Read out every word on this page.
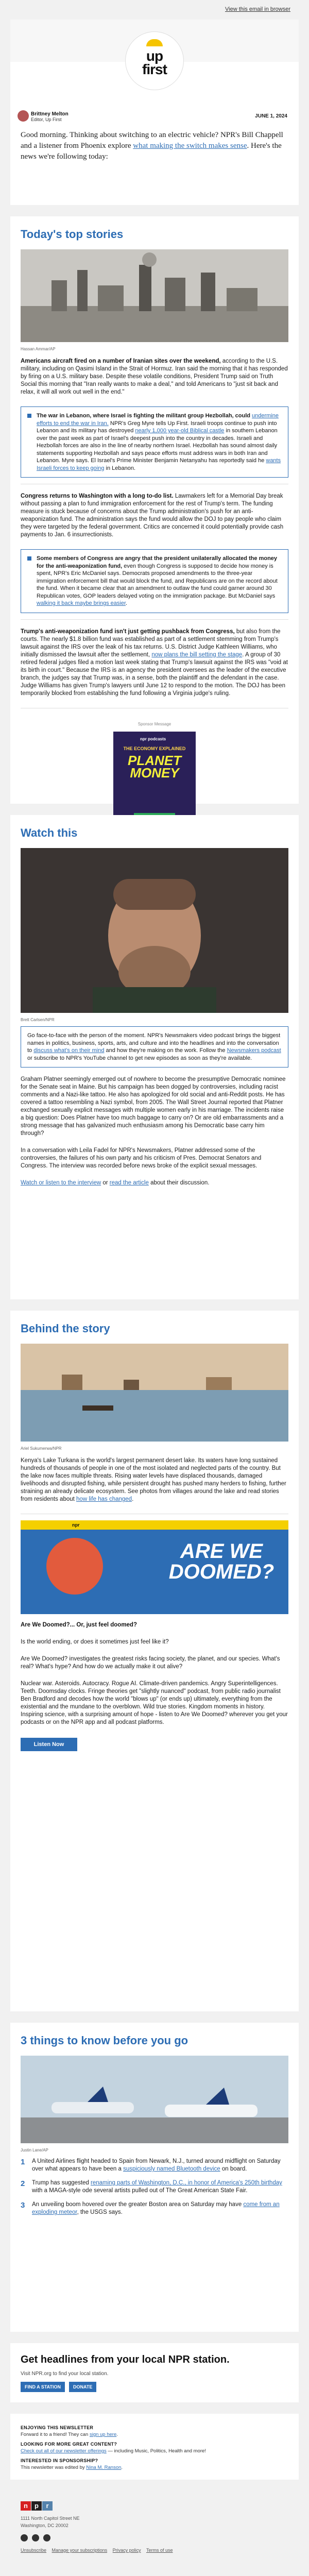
View this email in browser
up
first
Brittney Melton
Editor, Up First
JUNE 1, 2024

Good morning. Thinking about switching to an electric vehicle? NPR's Bill Chappell and a listener from Phoenix explore what making the switch makes sense. Here's the news we're following today:

Today's top stories
Hassan Ammar/AP

Americans aircraft fired on a number of Iranian sites over the weekend, according to the U.S. military, including on Qasimi Island in the Strait of Hormuz. Iran said the morning that it has responded by firing on a U.S. military base. Despite these volatile conditions, President Trump said on Truth Social this morning that "Iran really wants to make a deal," and told Americans to "just sit back and relax, it will all work out well in the end."

The war in Lebanon, where Israel is fighting the militant group Hezbollah, could undermine efforts to end the war in Iran. NPR's Greg Myre tells Up First. Israeli troops continue to push into Lebanon and its military has destroyed nearly 1,000 year-old Biblical castle in southern Lebanon over the past week as part of Israel's deepest push into the country in decades. Israeli and Hezbollah forces are also in the line of nearby northern Israel. Hezbollah has sound almost daily statements supporting Hezbollah and says peace efforts must address wars in both Iran and Lebanon. Myre says. El Israel's Prime Minister Benjamin Netanyahu has reportedly said he wants Israeli forces to keep going in Lebanon.

Congress returns to Washington with a long to-do list. Lawmakers left for a Memorial Day break without passing a plan to fund immigration enforcement for the rest of Trump's term. The funding measure is stuck because of concerns about the Trump administration's push for an anti-weaponization fund. The administration says the fund would allow the DOJ to pay people who claim they were targeted by the federal government. Critics are concerned it could potentially provide cash payments to Jan. 6 insurrectionists.

Some members of Congress are angry that the president unilaterally allocated the money for the anti-weaponization fund, even though Congress is supposed to decide how money is spent, NPR's Eric McDaniel says. Democrats proposed amendments to the three-year immigration enforcement bill that would block the fund, and Republicans are on the record about the fund. When it became clear that an amendment to outlaw the fund could garner around 30 Republican votes, GOP leaders delayed voting on the immigration package. But McDaniel says walking it back maybe brings easier.

Trump's anti-weaponization fund isn't just getting pushback from Congress, but also from the courts. The nearly $1.8 billion fund was established as part of a settlement stemming from Trump's lawsuit against the IRS over the leak of his tax returns. U.S. District Judge Kathleen Williams, who initially dismissed the lawsuit after the settlement, now plans the bill setting the stage. A group of 30 retired federal judges filed a motion last week stating that Trump's lawsuit against the IRS was "void at its birth in court." Because the IRS is an agency the president oversees as the leader of the executive branch, the judges say that Trump was, in a sense, both the plaintiff and the defendant in the case. Judge Williams has given Trump's lawyers until June 12 to respond to the motion. The DOJ has been temporarily blocked from establishing the fund following a Virginia judge's ruling.

Sponsor Message
npr podcasts
THE ECONOMY EXPLAINED
PLANET MONEY
Watch this
Brett Carlsen/NPR
Go face-to-face with the person of the moment. NPR's Newsmakers video podcast brings the biggest names in politics, business, sports, arts, and culture and into the headlines and into the conversation to discuss what's on their mind and how they're making on the work. Follow the Newsmakers podcast or subscribe to NPR's YouTube channel to get new episodes as soon as they're available.

Graham Platner seemingly emerged out of nowhere to become the presumptive Democratic nominee for the Senate seat in Maine. But his campaign has been dogged by controversies, including racist comments and a Nazi-like tattoo. He also has apologized for old social and anti-Reddit posts. He has covered a tattoo resembling a Nazi symbol, from 2005. The Wall Street Journal reported that Platner exchanged sexually explicit messages with multiple women early in his marriage. The incidents raise a big question: Does Platner have too much baggage to carry on? Or are old embarrassments and a strong message that has galvanized much enthusiasm among his Democratic base carry him through?

In a conversation with Leila Fadel for NPR's Newsmakers, Platner addressed some of the controversies, the failures of his own party and his criticism of Pres. Democrat Senators and Congress. The interview was recorded before news broke of the explicit sexual messages.

Watch or listen to the interview or read the article about their discussion.

Behind the story
Ariel Sukumerwa/NPR

Kenya's Lake Turkana is the world's largest permanent desert lake. Its waters have long sustained hundreds of thousands of people in one of the most isolated and neglected parts of the country. But the lake now faces multiple threats. Rising water levels have displaced thousands, damaged livelihoods and disrupted fishing, while persistent drought has pushed many herders to fishing, further straining an already delicate ecosystem. See photos from villages around the lake and read stories from residents about how life has changed.

npr
ARE WE DOOMED?

Are We Doomed?... Or, just feel doomed?

Is the world ending, or does it sometimes just feel like it?

Are We Doomed? investigates the greatest risks facing society, the planet, and our species. What's real? What's hype? And how do we actually make it out alive?

Nuclear war. Asteroids. Autocracy. Rogue AI. Climate-driven pandemics. Angry Superintelligences. Teeth. Doomsday clocks. Fringe theories get "slightly nuanced" podcast, from public radio journalist Ben Bradford and decodes how the world "blows up" (or ends up) ultimately, everything from the existential and the mundane to the overblown. Wild true stories. Kingdom moments in history. Inspiring science, with a surprising amount of hope - listen to Are We Doomed? wherever you get your podcasts or on the NPR app and all podcast platforms.

Listen Now
3 things to know before you go
Justin Lane/AP
1 A United Airlines flight headed to Spain from Newark, N.J., turned around midflight on Saturday over what appears to have been a suspiciously named Bluetooth device on board.
2 Trump has suggested renaming parts of Washington, D.C., in honor of America's 250th birthday with a MAGA-style ode several artists pulled out of The Great American State Fair.
3 An unveiling boom hovered over the greater Boston area on Saturday may have come from an exploding meteor, the USGS says.
Get headlines from your local NPR station.

Visit NPR.org to find your local station.

FIND A STATION	DONATE
ENJOYING THIS NEWSLETTER

Forward it to a friend! They can sign up here.

LOOKING FOR MORE GREAT CONTENT?

Check out all of our newsletter offerings — including Music, Politics, Health and more!

INTERESTED IN SPONSORSHIP?

This newsletter was edited by Nina M. Ranson.

n	p	r
1111 North Capitol Street NE
Washington, DC 20002
Unsubscribe Manage your subscriptions Privacy policy Terms of use
